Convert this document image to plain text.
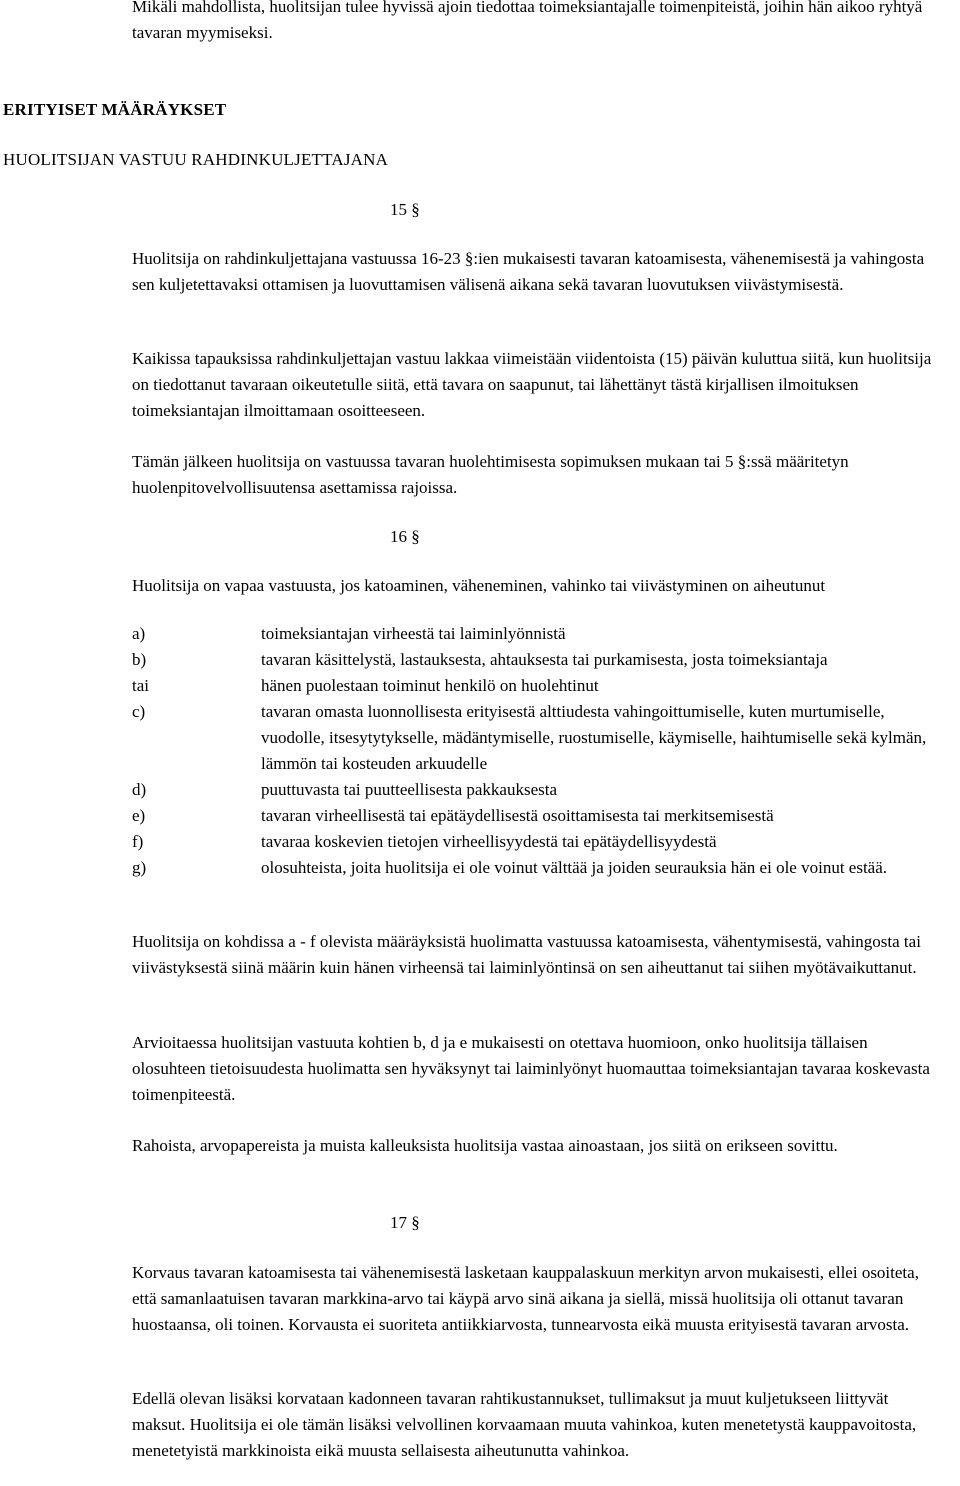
Mikäli mahdollista, huolitsijan tulee hyvissä ajoin tiedottaa toimeksiantajalle toimenpiteistä, joihin hän aikoo ryhtyä tavaran myymiseksi.

ERITYISET MÄÄRÄYKSET

HUOLITSIJAN VASTUU RAHDINKULJETTAJANA

15 §

Huolitsija on rahdinkuljettajana vastuussa 16-23 §:ien mukaisesti tavaran katoamisesta, vähenemisestä ja vahingosta sen kuljetettavaksi ottamisen ja luovuttamisen välisenä aikana sekä tavaran luovutuksen viivästymisestä.

Kaikissa tapauksissa rahdinkuljettajan vastuu lakkaa viimeistään viidentoista (15) päivän kuluttua siitä, kun huolitsija on tiedottanut tavaraan oikeutetulle siitä, että tavara on saapunut, tai lähettänyt tästä kirjallisen ilmoituksen toimeksiantajan ilmoittamaan osoitteeseen.

Tämän jälkeen huolitsija on vastuussa tavaran huolehtimisesta sopimuksen mukaan tai 5 §:ssä määritetyn huolenpitovelvollisuutensa asettamissa rajoissa.

16 §

Huolitsija on vapaa vastuusta, jos katoaminen, väheneminen, vahinko tai viivästyminen on aiheutunut

a)	toimeksiantajan virheestä tai laiminlyönnistä
b)	tavaran käsittelystä, lastauksesta, ahtauksesta tai purkamisesta, josta toimeksiantaja
tai	hänen puolestaan toiminut henkilö on huolehtinut
c)	tavaran omasta luonnollisesta erityisestä alttiudesta vahingoittumiselle, kuten murtumiselle, vuodolle, itsesytytykselle, mädäntymiselle, ruostumiselle, käymiselle, haihtumiselle sekä kylmän, lämmön tai kosteuden arkuudelle
d)	puuttuvasta tai puutteellisesta pakkauksesta
e)	tavaran virheellisestä tai epätäydellisestä osoittamisesta tai merkitsemisestä
f)	tavaraa koskevien tietojen virheellisyydestä tai epätäydellisyydestä
g)	olosuhteista, joita huolitsija ei ole voinut välttää ja joiden seurauksia hän ei ole voinut estää.

Huolitsija on kohdissa a - f olevista määräyksistä huolimatta vastuussa katoamisesta, vähentymisestä, vahingosta tai viivästyksestä siinä määrin kuin hänen virheensä tai laiminlyöntinsä on sen aiheuttanut tai siihen myötävaikuttanut.

Arvioitaessa huolitsijan vastuuta kohtien b, d ja e mukaisesti on otettava huomioon, onko huolitsija tällaisen olosuhteen tietoisuudesta huolimatta sen hyväksynyt tai laiminlyönyt huomauttaa toimeksiantajan tavaraa koskevasta toimenpiteestä.

Rahoista, arvopapereista ja muista kalleuksista huolitsija vastaa ainoastaan, jos siitä on erikseen sovittu.

17 §

Korvaus tavaran katoamisesta tai vähenemisestä lasketaan kauppalaskuun merkityn arvon mukaisesti, ellei osoiteta, että samanlaatuisen tavaran markkina-arvo tai käypä arvo sinä aikana ja siellä, missä huolitsija oli ottanut tavaran huostaansa, oli toinen. Korvausta ei suoriteta antiikkiarvosta, tunnearvosta eikä muusta erityisestä tavaran arvosta.

Edellä olevan lisäksi korvataan kadonneen tavaran rahtikustannukset, tullimaksut ja muut kuljetukseen liittyvät maksut. Huolitsija ei ole tämän lisäksi velvollinen korvaamaan muuta vahinkoa, kuten menetetystä kauppavoitosta, menetetyistä markkinoista eikä muusta sellaisesta aiheutunutta vahinkoa.
